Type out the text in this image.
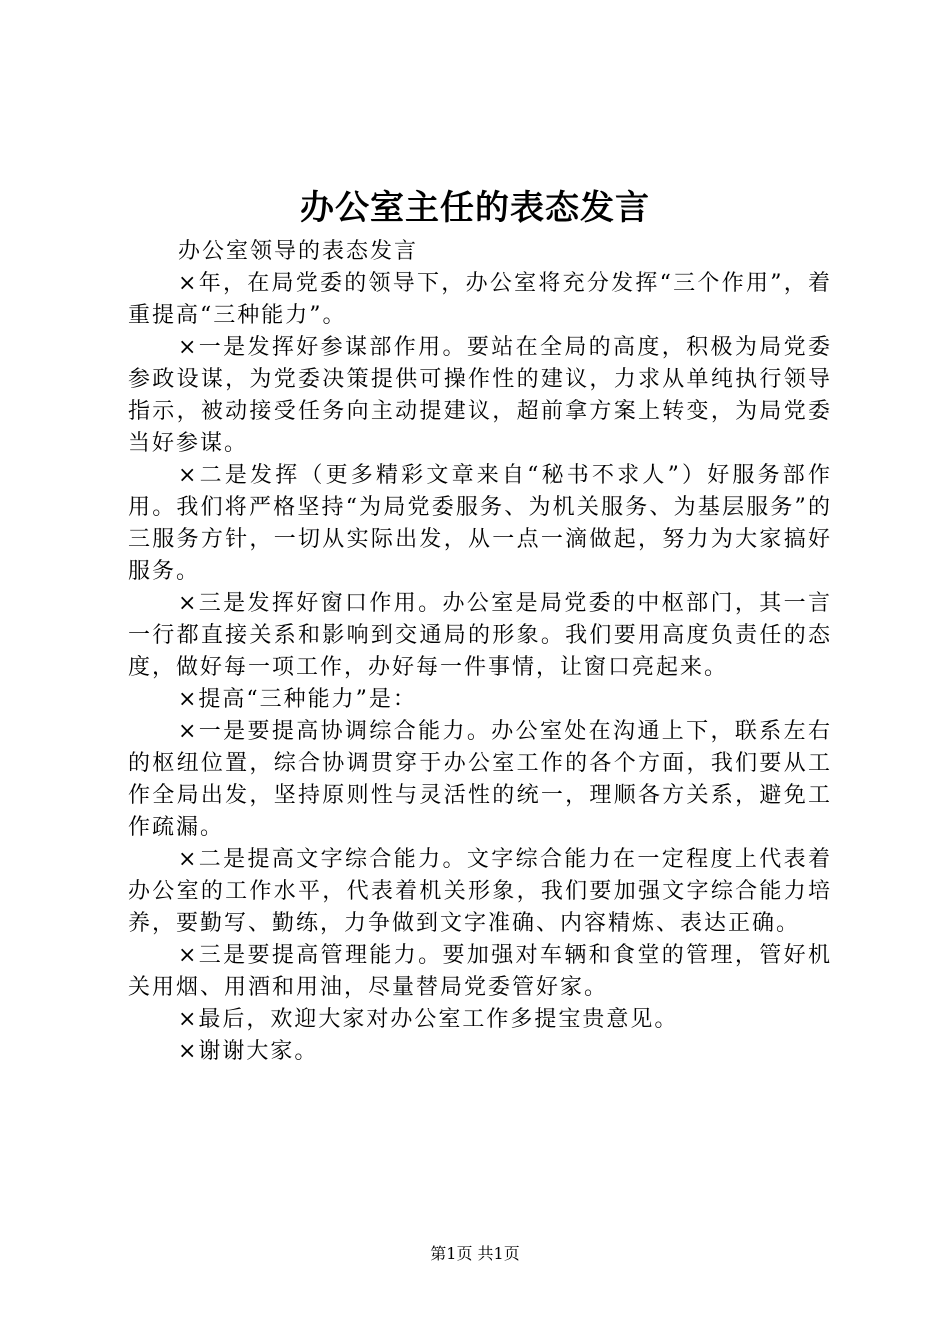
办公室主任的表态发言

办公室领导的表态发言

×年，在局党委的领导下，办公室将充分发挥“三个作用”，着重提高“三种能力”。

×一是发挥好参谋部作用。要站在全局的高度，积极为局党委参政设谋，为党委决策提供可操作性的建议，力求从单纯执行领导指示，被动接受任务向主动提建议，超前拿方案上转变，为局党委当好参谋。

×二是发挥（更多精彩文章来自“秘书不求人”）好服务部作用。我们将严格坚持“为局党委服务、为机关服务、为基层服务”的三服务方针，一切从实际出发，从一点一滴做起，努力为大家搞好服务。

×三是发挥好窗口作用。办公室是局党委的中枢部门，其一言一行都直接关系和影响到交通局的形象。我们要用高度负责任的态度，做好每一项工作，办好每一件事情，让窗口亮起来。

×提高“三种能力”是：

×一是要提高协调综合能力。办公室处在沟通上下，联系左右的枢纽位置，综合协调贯穿于办公室工作的各个方面，我们要从工作全局出发，坚持原则性与灵活性的统一，理顺各方关系，避免工作疏漏。

×二是提高文字综合能力。文字综合能力在一定程度上代表着办公室的工作水平，代表着机关形象，我们要加强文字综合能力培养，要勤写、勤练，力争做到文字准确、内容精炼、表达正确。

×三是要提高管理能力。要加强对车辆和食堂的管理，管好机关用烟、用酒和用油，尽量替局党委管好家。

×最后，欢迎大家对办公室工作多提宝贵意见。

×谢谢大家。

第1页 共1页
